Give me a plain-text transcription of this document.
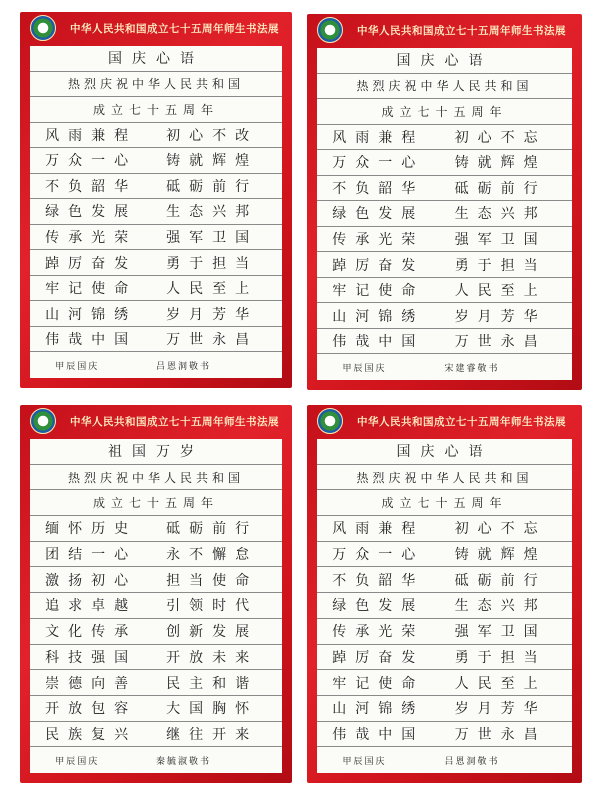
中华人民共和国成立七十五周年师生书法展
国庆心语
热烈庆祝中华人民共和国
成立七十五周年
风雨兼程 初心不改
万众一心 铸就辉煌
不负韶华 砥砺前行
绿色发展 生态兴邦
传承光荣 强军卫国
踔厉奋发 勇于担当
牢记使命 人民至上
山河锦绣 岁月芳华
伟哉中国 万世永昌
甲辰国庆	吕恩洞敬书
中华人民共和国成立七十五周年师生书法展
国庆心语
热烈庆祝中华人民共和国
成立七十五周年
风雨兼程 初心不忘
万众一心 铸就辉煌
不负韶华 砥砺前行
绿色发展 生态兴邦
传承光荣 强军卫国
踔厉奋发 勇于担当
牢记使命 人民至上
山河锦绣 岁月芳华
伟哉中国 万世永昌
甲辰国庆	宋建睿敬书
中华人民共和国成立七十五周年师生书法展
祖国万岁
热烈庆祝中华人民共和国
成立七十五周年
缅怀历史 砥砺前行
团结一心 永不懈怠
激扬初心 担当使命
追求卓越 引领时代
文化传承 创新发展
科技强国 开放未来
崇德向善 民主和谐
开放包容 大国胸怀
民族复兴 继往开来
甲辰国庆	秦毓淑敬书
中华人民共和国成立七十五周年师生书法展
国庆心语
热烈庆祝中华人民共和国
成立七十五周年
风雨兼程 初心不忘
万众一心 铸就辉煌
不负韶华 砥砺前行
绿色发展 生态兴邦
传承光荣 强军卫国
踔厉奋发 勇于担当
牢记使命 人民至上
山河锦绣 岁月芳华
伟哉中国 万世永昌
甲辰国庆	吕恩洞敬书
